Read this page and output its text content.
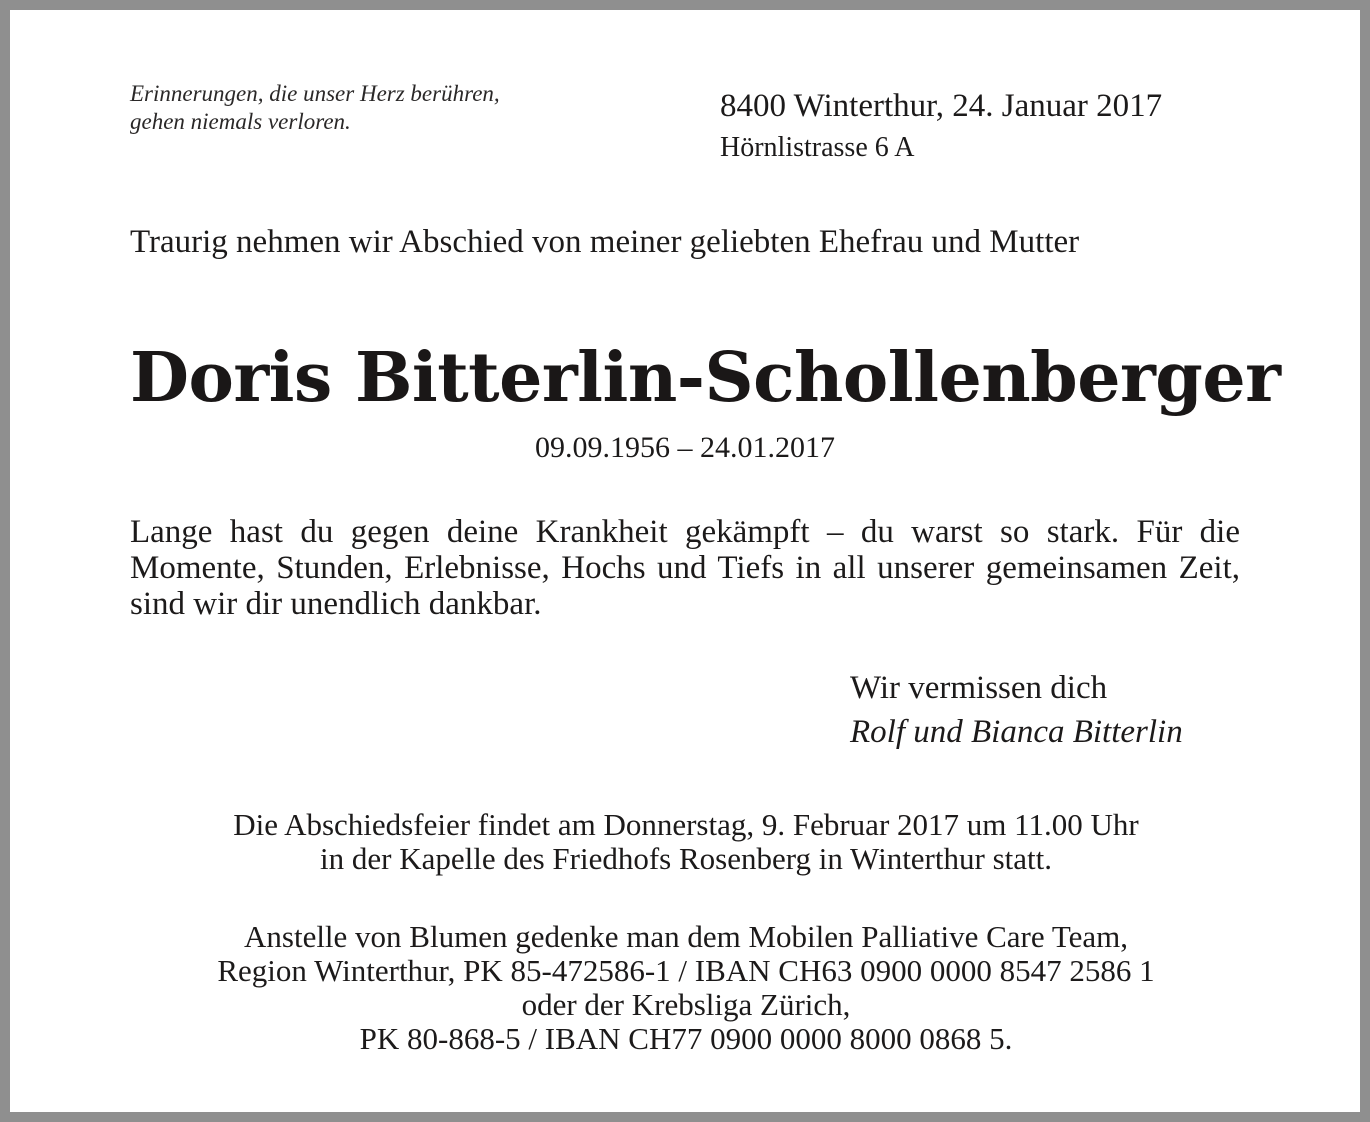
Erinnerungen, die unser Herz berühren,
gehen niemals verloren.	8400 Winterthur, 24. Januar 2017
Hörnlistrasse 6 A

Traurig nehmen wir Abschied von meiner geliebten Ehefrau und Mutter

Doris Bitterlin-Schollenberger
09.09.1956 – 24.01.2017

Lange hast du gegen deine Krankheit gekämpft – du warst so stark. Für die Momente, Stunden, Erlebnisse, Hochs und Tiefs in all unserer gemeinsamen Zeit, sind wir dir unendlich dankbar.

Wir vermissen dich
Rolf und Bianca Bitterlin
Die Abschiedsfeier findet am Donnerstag, 9. Februar 2017 um 11.00 Uhr
in der Kapelle des Friedhofs Rosenberg in Winterthur statt.
Anstelle von Blumen gedenke man dem Mobilen Palliative Care Team,
Region Winterthur, PK 85-472586-1 / IBAN CH63 0900 0000 8547 2586 1
oder der Krebsliga Zürich,
PK 80-868-5 / IBAN CH77 0900 0000 8000 0868 5.
